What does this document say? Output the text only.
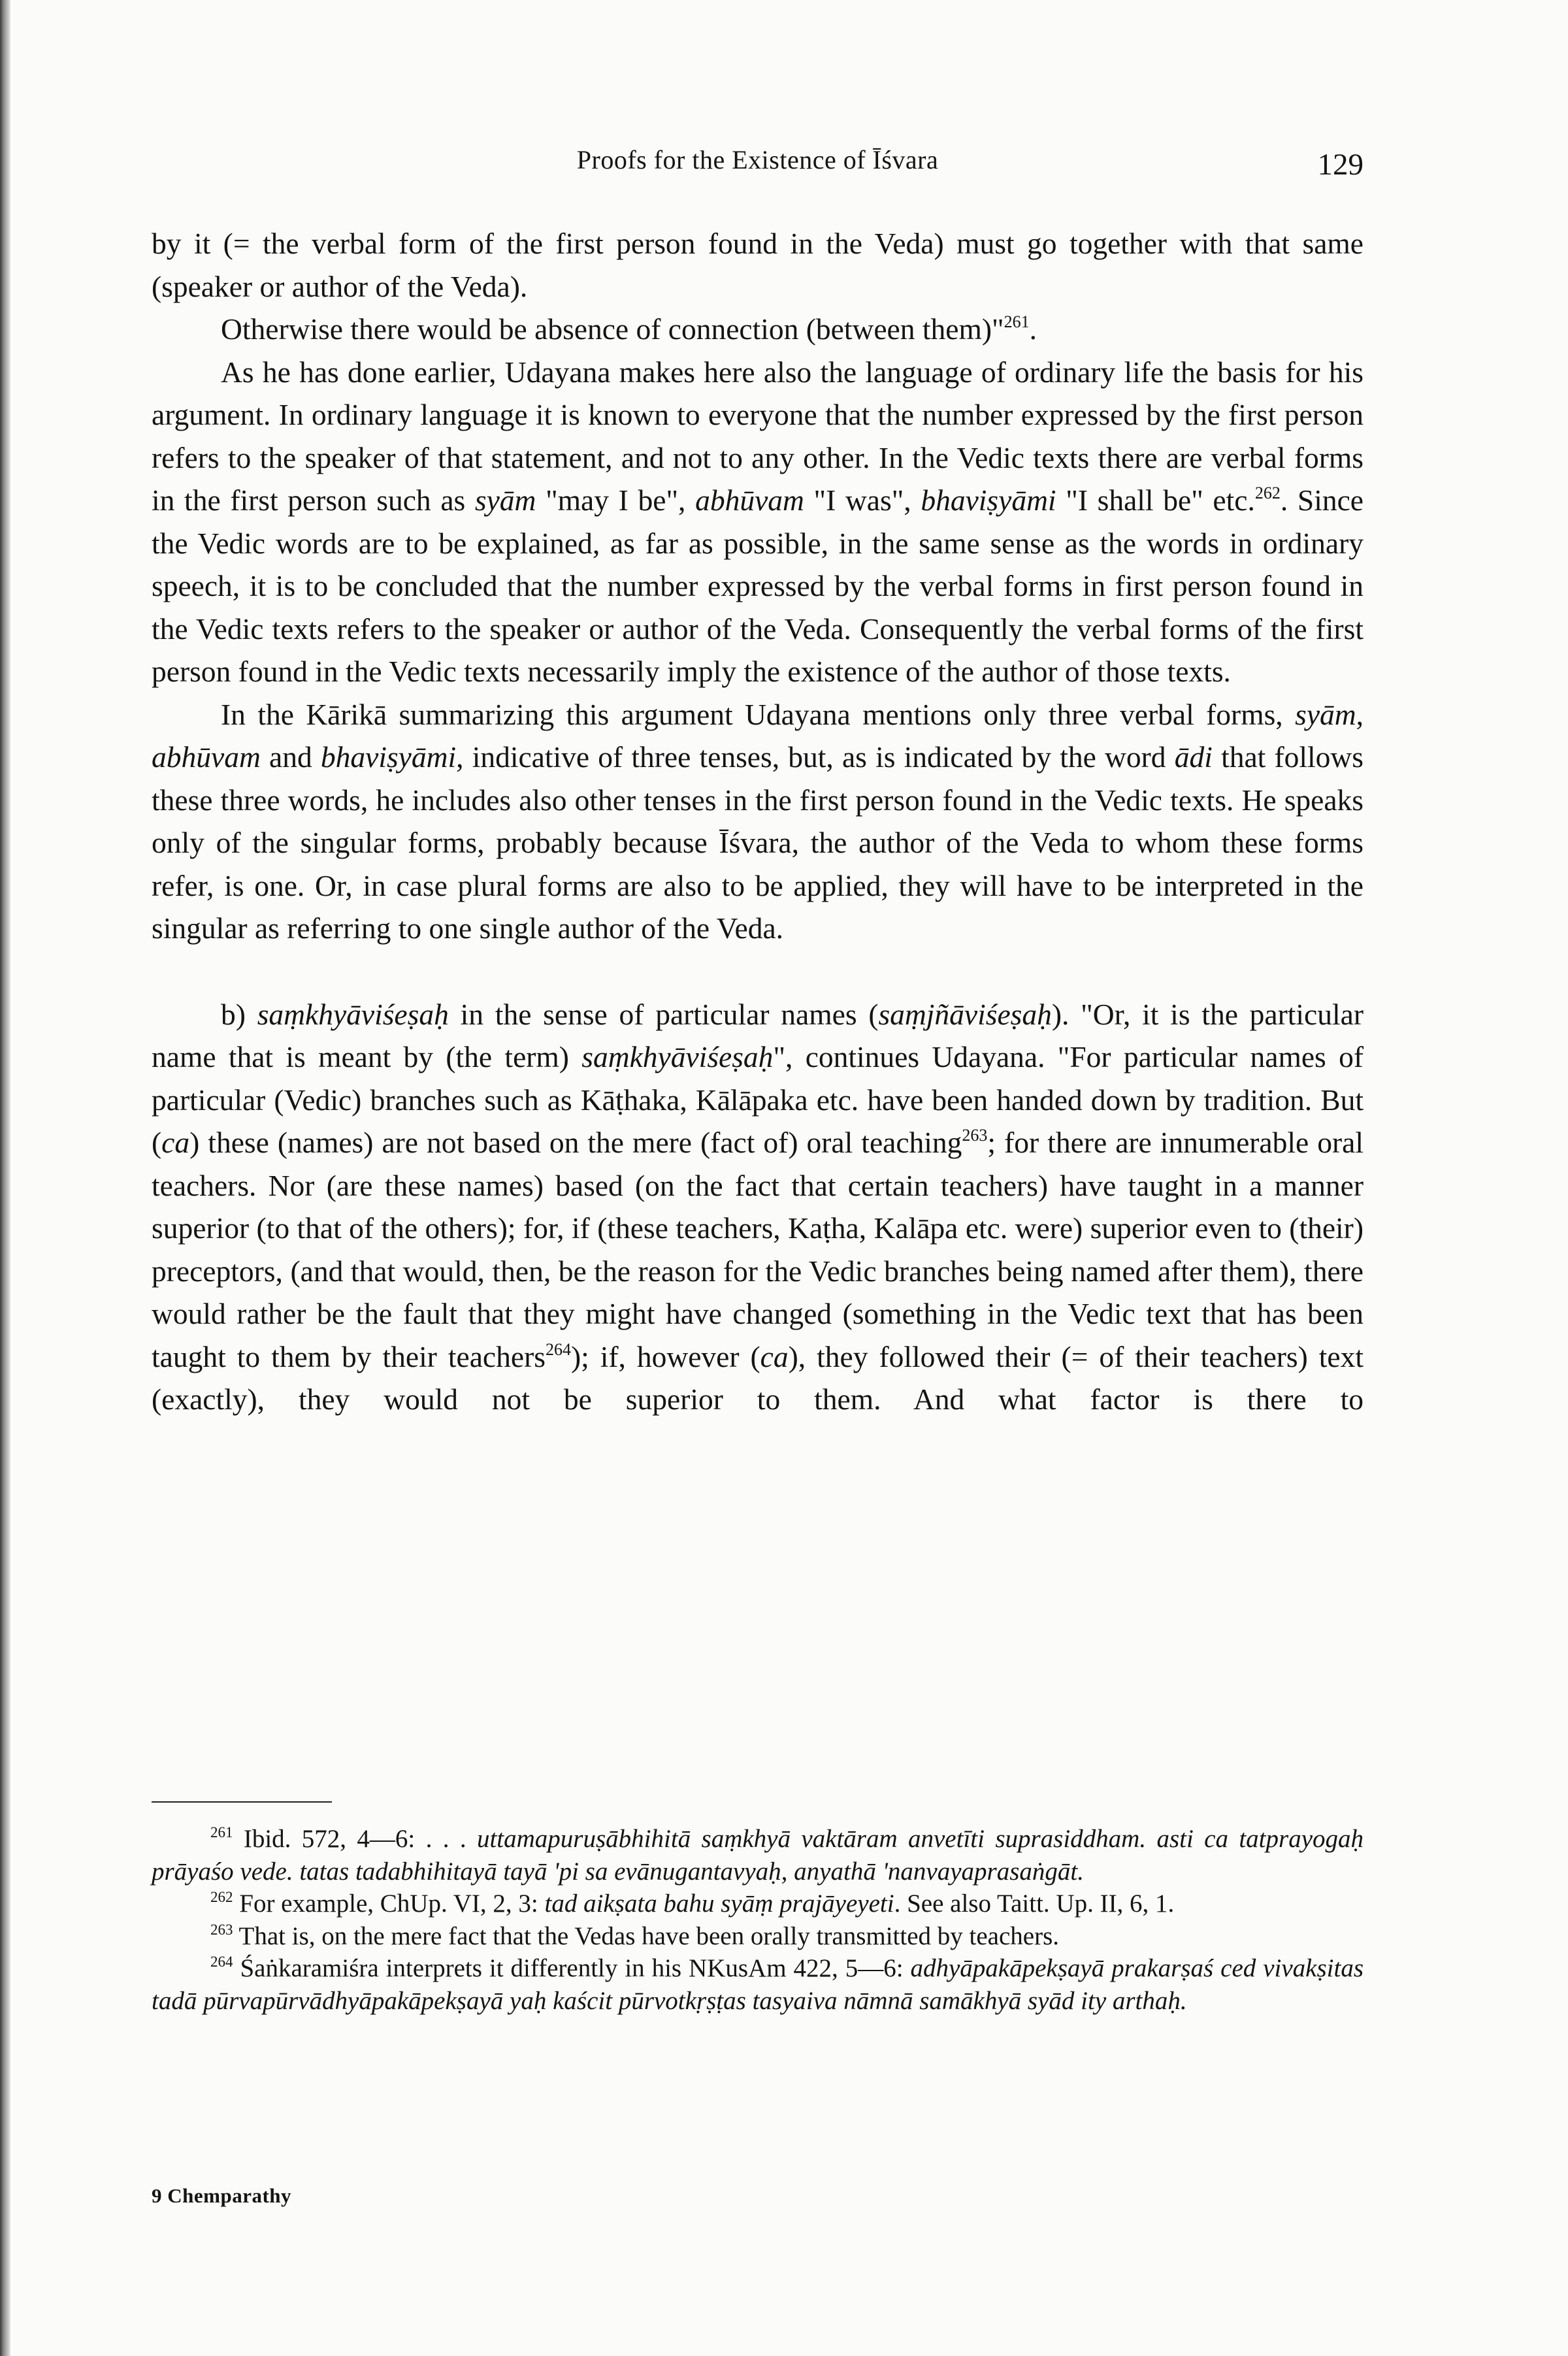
Proofs for the Existence of Īśvara	129

by it (= the verbal form of the first person found in the Veda) must go together with that same (speaker or author of the Veda).

Otherwise there would be absence of connection (between them)"$^{261}$.

As he has done earlier, Udayana makes here also the language of ordinary life the basis for his argument. In ordinary language it is known to everyone that the number expressed by the first person refers to the speaker of that statement, and not to any other. In the Vedic texts there are verbal forms in the first person such as syām "may I be", abhūvam "I was", bhaviṣyāmi "I shall be" etc.$^{262}$. Since the Vedic words are to be explained, as far as possible, in the same sense as the words in ordinary speech, it is to be concluded that the number expressed by the verbal forms in first person found in the Vedic texts refers to the speaker or author of the Veda. Consequently the verbal forms of the first person found in the Vedic texts necessarily imply the existence of the author of those texts.

In the Kārikā summarizing this argument Udayana mentions only three verbal forms, syām, abhūvam and bhaviṣyāmi, indicative of three tenses, but, as is indicated by the word ādi that follows these three words, he includes also other tenses in the first person found in the Vedic texts. He speaks only of the singular forms, probably because Īśvara, the author of the Veda to whom these forms refer, is one. Or, in case plural forms are also to be applied, they will have to be interpreted in the singular as referring to one single author of the Veda.

b) saṃkhyāviśeṣaḥ in the sense of particular names (saṃjñāviśeṣaḥ). "Or, it is the particular name that is meant by (the term) saṃkhyāviśeṣaḥ", continues Udayana. "For particular names of particular (Vedic) branches such as Kāṭhaka, Kālāpaka etc. have been handed down by tradition. But (ca) these (names) are not based on the mere (fact of) oral teaching$^{263}$; for there are innumerable oral teachers. Nor (are these names) based (on the fact that certain teachers) have taught in a manner superior (to that of the others); for, if (these teachers, Kaṭha, Kalāpa etc. were) superior even to (their) preceptors, (and that would, then, be the reason for the Vedic branches being named after them), there would rather be the fault that they might have changed (something in the Vedic text that has been taught to them by their teachers$^{264}$); if, however (ca), they followed their (= of their teachers) text (exactly), they would not be superior to them. And what factor is there to

$^{261}$ Ibid. 572, 4—6: . . . uttamapuruṣābhihitā saṃkhyā vaktāram anvetīti suprasiddham. asti ca tatprayogaḥ prāyaśo vede. tatas tadabhihitayā tayā 'pi sa evānugantavyaḥ, anyathā 'nanvayaprasaṅgāt.

$^{262}$ For example, ChUp. VI, 2, 3: tad aikṣata bahu syāṃ prajāyeyeti. See also Taitt. Up. II, 6, 1.

$^{263}$ That is, on the mere fact that the Vedas have been orally transmitted by teachers.

$^{264}$ Śaṅkaramiśra interprets it differently in his NKusAm 422, 5—6: adhyāpakāpekṣayā prakarṣaś ced vivakṣitas tadā pūrvapūrvādhyāpakāpekṣayā yaḥ kaścit pūrvotkṛṣṭas tasyaiva nāmnā samākhyā syād ity arthaḥ.

9 Chemparathy
